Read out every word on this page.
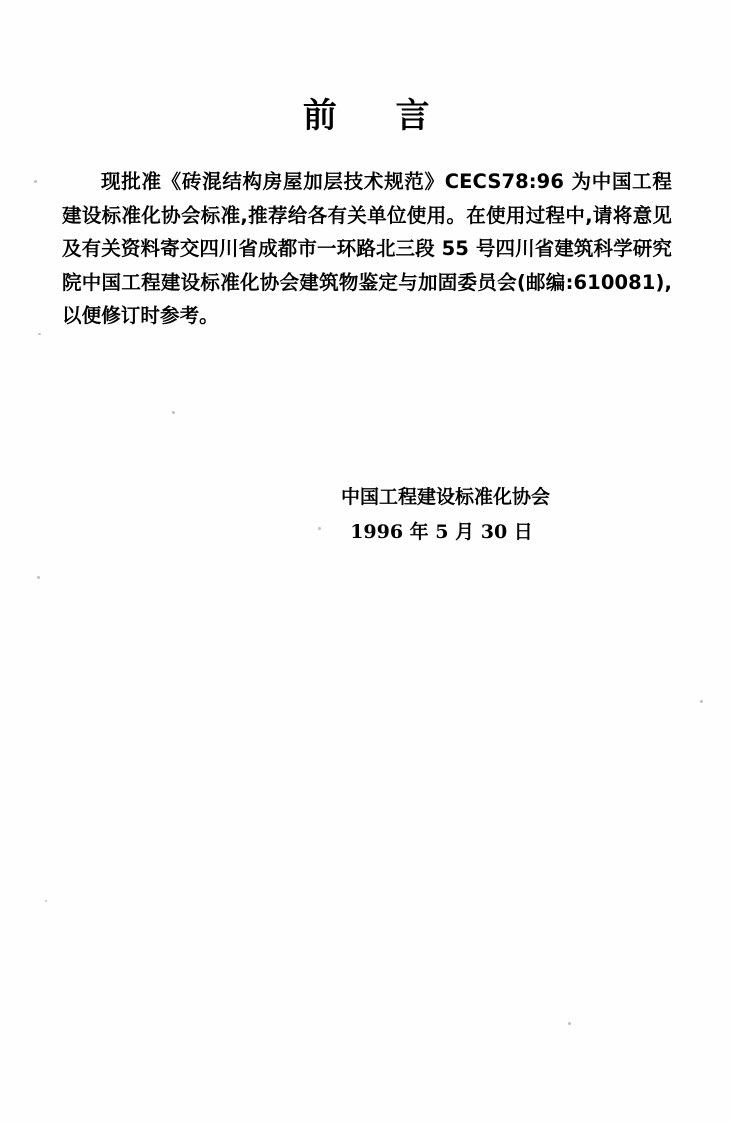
前 言

现批准《砖混结构房屋加层技术规范》CECS78:96 为中国工程建设标准化协会标准,推荐给各有关单位使用。在使用过程中,请将意见及有关资料寄交四川省成都市一环路北三段 55 号四川省建筑科学研究院中国工程建设标准化协会建筑物鉴定与加固委员会(邮编:610081),以便修订时参考。

中国工程建设标准化协会
1996 年 5 月 30 日
